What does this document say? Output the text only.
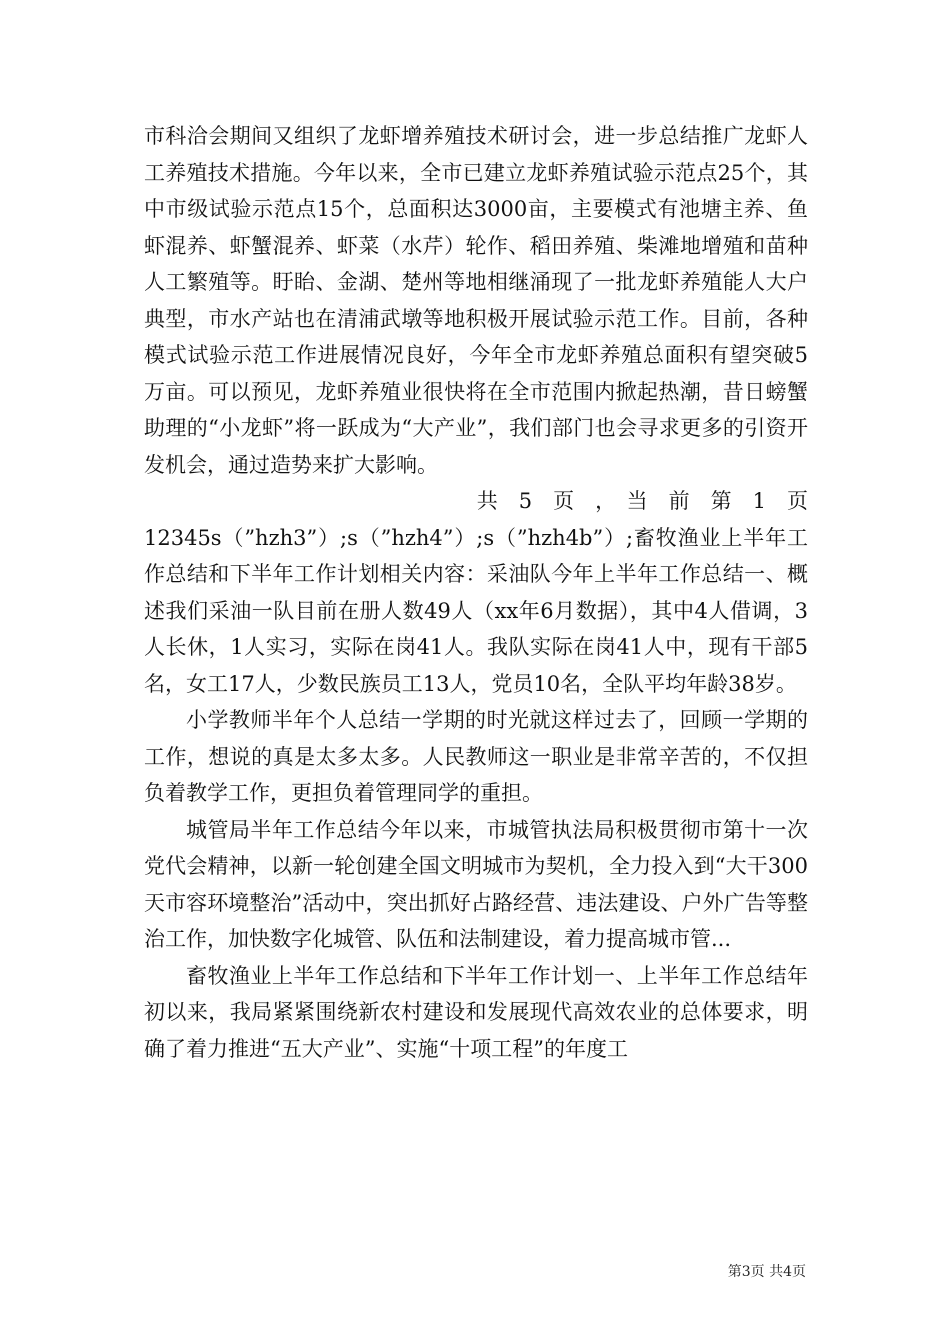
市科洽会期间又组织了龙虾增养殖技术研讨会，进一步总结推广龙虾人工养殖技术措施。今年以来，全市已建立龙虾养殖试验示范点25个，其中市级试验示范点15个，总面积达3000亩，主要模式有池塘主养、鱼虾混养、虾蟹混养、虾菜（水芹）轮作、稻田养殖、柴滩地增殖和苗种人工繁殖等。盱眙、金湖、楚州等地相继涌现了一批龙虾养殖能人大户典型，市水产站也在清浦武墩等地积极开展试验示范工作。目前，各种模式试验示范工作进展情况良好，今年全市龙虾养殖总面积有望突破5万亩。可以预见，龙虾养殖业很快将在全市范围内掀起热潮，昔日螃蟹助理的“小龙虾”将一跃成为“大产业”，我们部门也会寻求更多的引资开发机会，通过造势来扩大影响。

共　5　页　，　当　前　第　1　页

12345s（”hzh3”）;s（”hzh4”）;s（”hzh4b”）;畜牧渔业上半年工作总结和下半年工作计划相关内容：采油队今年上半年工作总结一、概述我们采油一队目前在册人数49人（xx年6月数据），其中4人借调，3人长休，1人实习，实际在岗41人。我队实际在岗41人中，现有干部5名，女工17人，少数民族员工13人，党员10名，全队平均年龄38岁。

小学教师半年个人总结一学期的时光就这样过去了，回顾一学期的工作，想说的真是太多太多。人民教师这一职业是非常辛苦的，不仅担负着教学工作，更担负着管理同学的重担。

城管局半年工作总结今年以来，市城管执法局积极贯彻市第十一次党代会精神，以新一轮创建全国文明城市为契机，全力投入到“大干300天市容环境整治”活动中，突出抓好占路经营、违法建设、户外广告等整治工作，加快数字化城管、队伍和法制建设，着力提高城市管...

畜牧渔业上半年工作总结和下半年工作计划一、上半年工作总结年初以来，我局紧紧围绕新农村建设和发展现代高效农业的总体要求，明确了着力推进“五大产业”、实施“十项工程”的年度工

第3页 共4页
